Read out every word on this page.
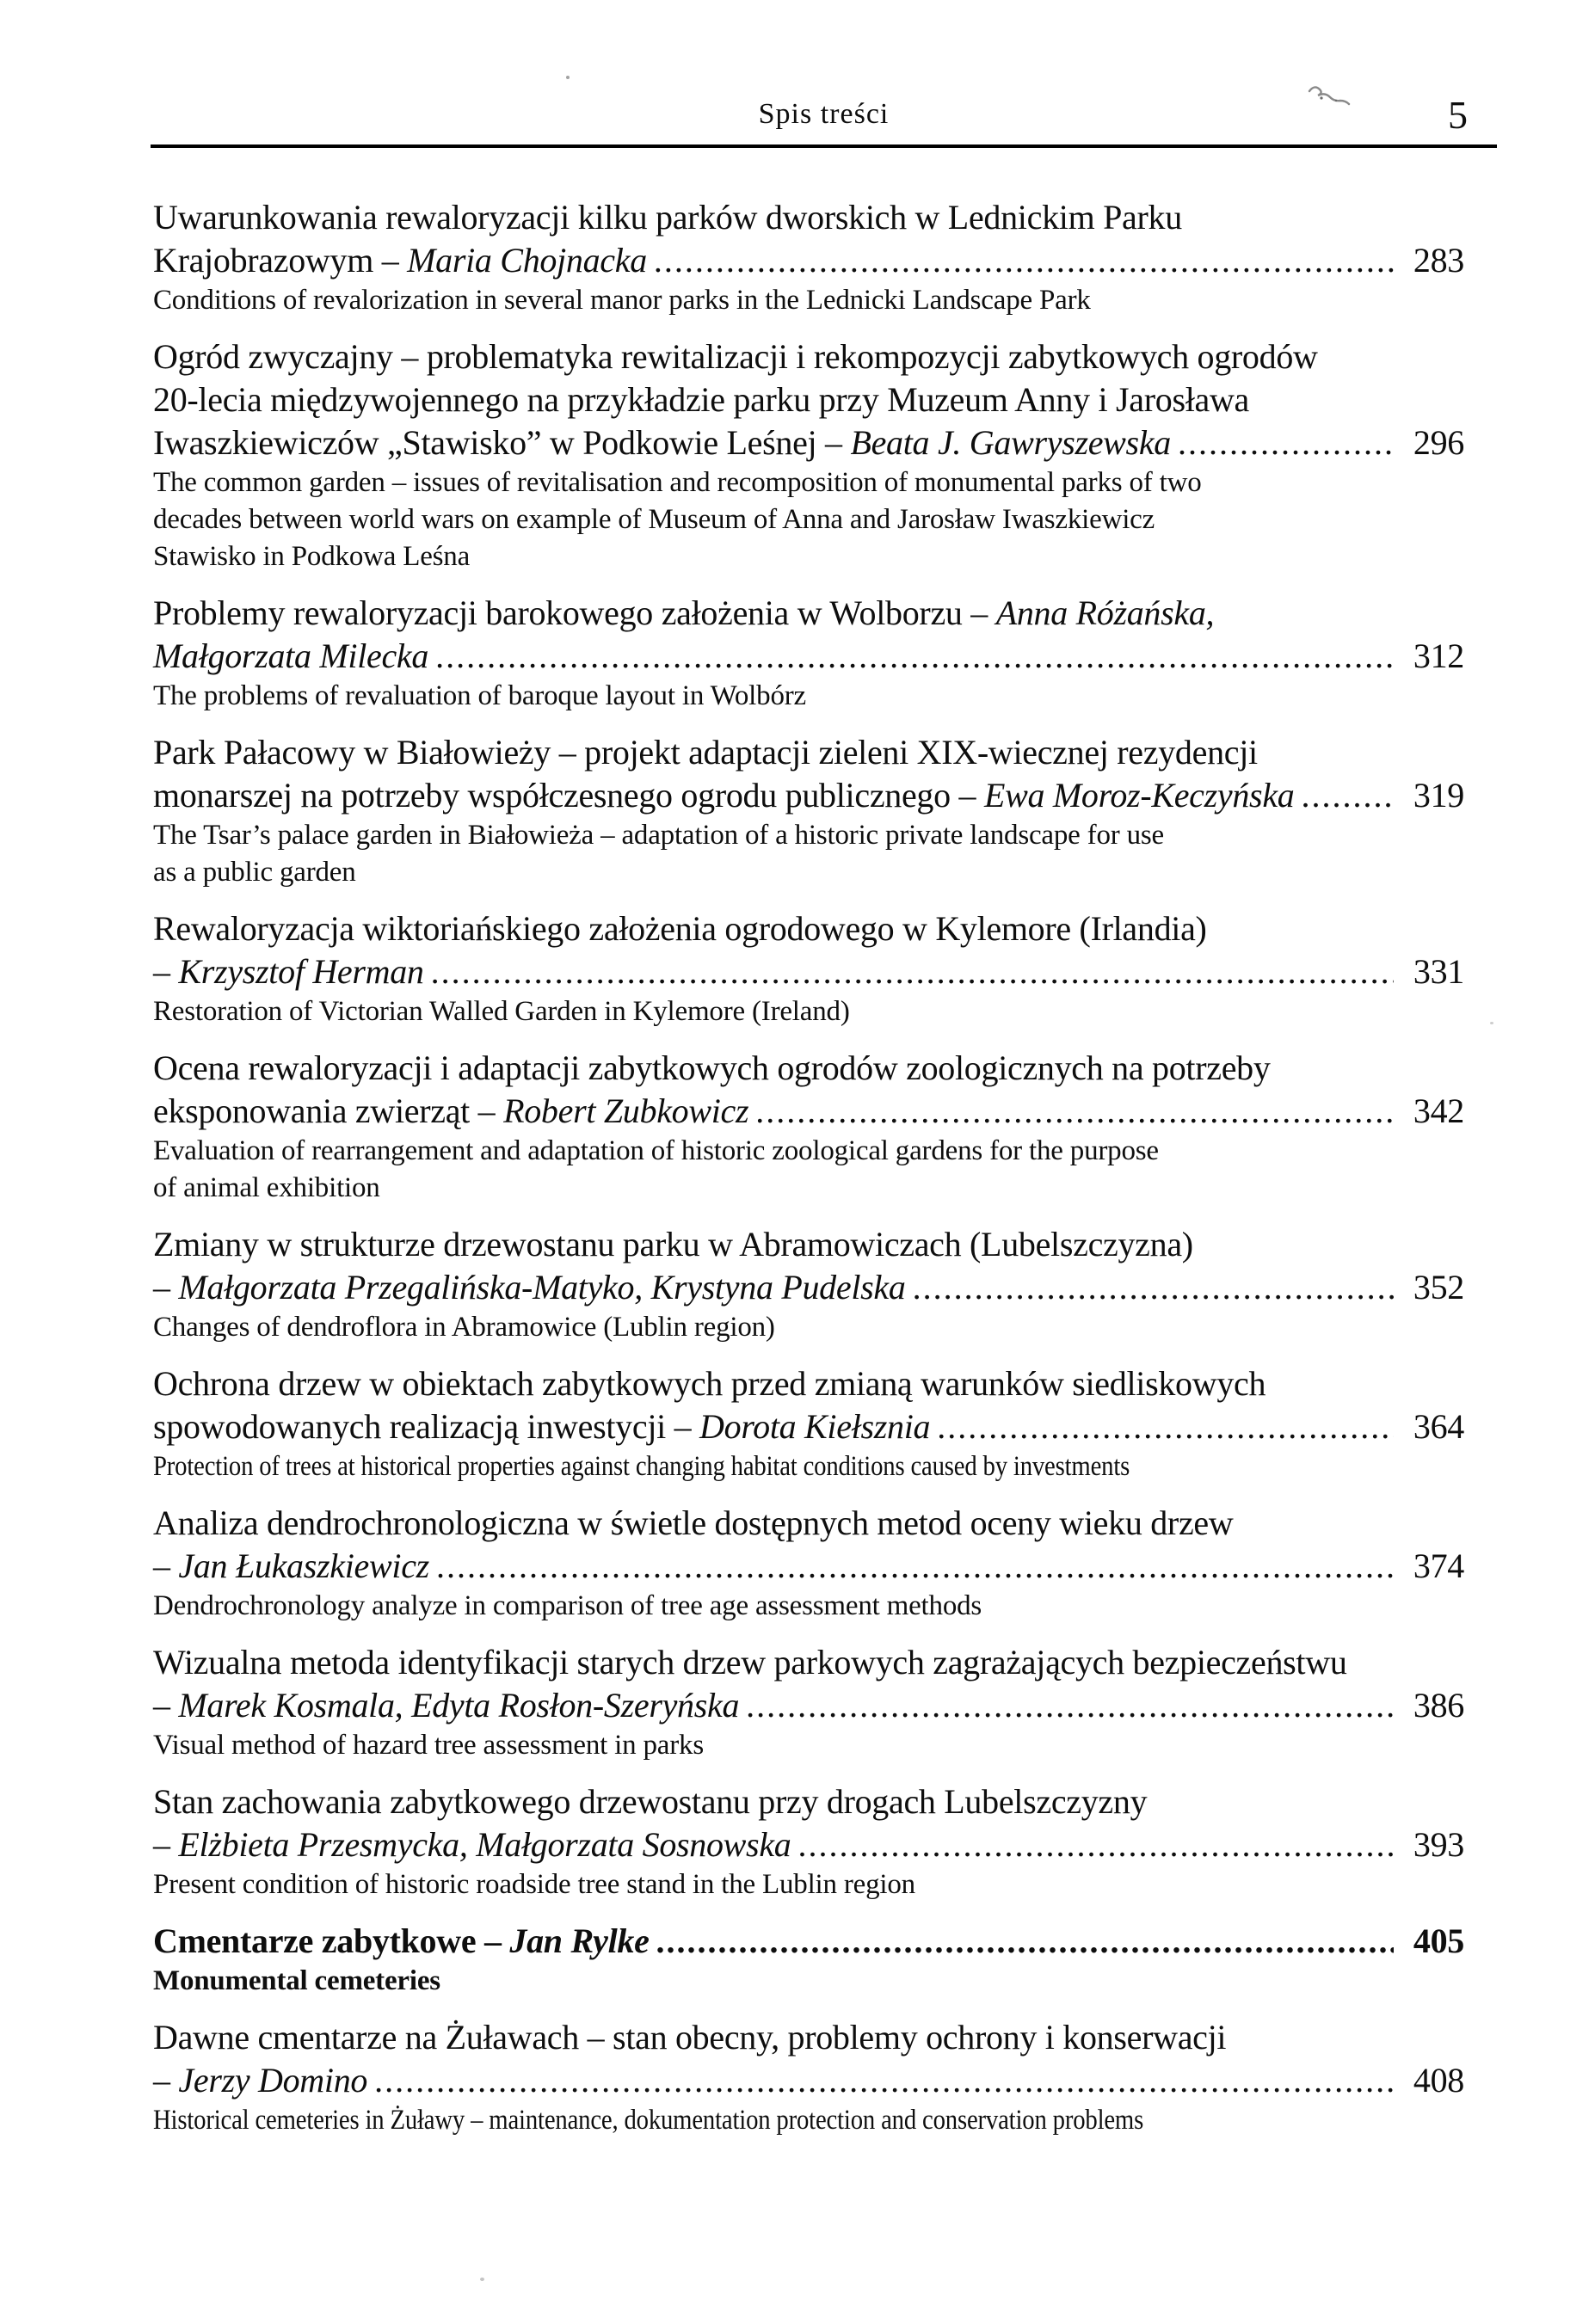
Spis treści	5
Uwarunkowania rewaloryzacji kilku parków dworskich w Lednickim Parku
Krajobrazowym – Maria Chojnacka .....	283
Conditions of revalorization in several manor parks in the Lednicki Landscape Park
Ogród zwyczajny – problematyka rewitalizacji i rekompozycji zabytkowych ogrodów
20-lecia międzywojennego na przykładzie parku przy Muzeum Anny i Jarosława
Iwaszkiewiczów „Stawisko” w Podkowie Leśnej – Beata J. Gawryszewska .....	296
The common garden – issues of revitalisation and recomposition of monumental parks of two
decades between world wars on example of Museum of Anna and Jarosław Iwaszkiewicz
Stawisko in Podkowa Leśna
Problemy rewaloryzacji barokowego założenia w Wolborzu – Anna Różańska,
Małgorzata Milecka .....	312
The problems of revaluation of baroque layout in Wolbórz
Park Pałacowy w Białowieży – projekt adaptacji zieleni XIX-wiecznej rezydencji
monarszej na potrzeby współczesnego ogrodu publicznego – Ewa Moroz-Keczyńska .....	319
The Tsar’s palace garden in Białowieża – adaptation of a historic private landscape for use
as a public garden
Rewaloryzacja wiktoriańskiego założenia ogrodowego w Kylemore (Irlandia)
– Krzysztof Herman .....	331
Restoration of Victorian Walled Garden in Kylemore (Ireland)
Ocena rewaloryzacji i adaptacji zabytkowych ogrodów zoologicznych na potrzeby
eksponowania zwierząt – Robert Zubkowicz .....	342
Evaluation of rearrangement and adaptation of historic zoological gardens for the purpose
of animal exhibition
Zmiany w strukturze drzewostanu parku w Abramowiczach (Lubelszczyzna)
– Małgorzata Przegalińska-Matyko, Krystyna Pudelska .....	352
Changes of dendroflora in Abramowice (Lublin region)
Ochrona drzew w obiektach zabytkowych przed zmianą warunków siedliskowych
spowodowanych realizacją inwestycji – Dorota Kiełsznia .....	364
Protection of trees at historical properties against changing habitat conditions caused by investments
Analiza dendrochronologiczna w świetle dostępnych metod oceny wieku drzew
– Jan Łukaszkiewicz .....	374
Dendrochronology analyze in comparison of tree age assessment methods
Wizualna metoda identyfikacji starych drzew parkowych zagrażających bezpieczeństwu
– Marek Kosmala, Edyta Rosłon-Szeryńska .....	386
Visual method of hazard tree assessment in parks
Stan zachowania zabytkowego drzewostanu przy drogach Lubelszczyzny
– Elżbieta Przesmycka, Małgorzata Sosnowska .....	393
Present condition of historic roadside tree stand in the Lublin region
Cmentarze zabytkowe – Jan Rylke .....	405
Monumental cemeteries
Dawne cmentarze na Żuławach – stan obecny, problemy ochrony i konserwacji
– Jerzy Domino .....	408
Historical cemeteries in Żuławy – maintenance, dokumentation protection and conservation problems
